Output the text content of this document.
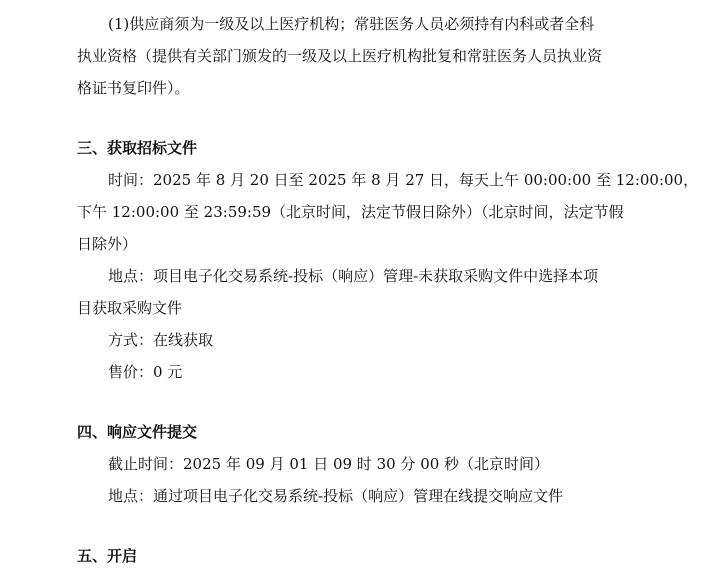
(1)供应商须为一级及以上医疗机构；常驻医务人员必须持有内科或者全科

执业资格（提供有关部门颁发的一级及以上医疗机构批复和常驻医务人员执业资

格证书复印件）。

三、获取招标文件

时间：2025 年 8 月 20 日至 2025 年 8 月 27 日，每天上午 00:00:00 至 12:00:00，

下午 12:00:00 至 23:59:59（北京时间，法定节假日除外）（北京时间，法定节假

日除外）

地点：项目电子化交易系统-投标（响应）管理-未获取采购文件中选择本项

目获取采购文件

方式：在线获取

售价：0 元

四、响应文件提交

截止时间：2025 年 09 月 01 日 09 时 30 分 00 秒（北京时间）

地点：通过项目电子化交易系统-投标（响应）管理在线提交响应文件

五、开启
